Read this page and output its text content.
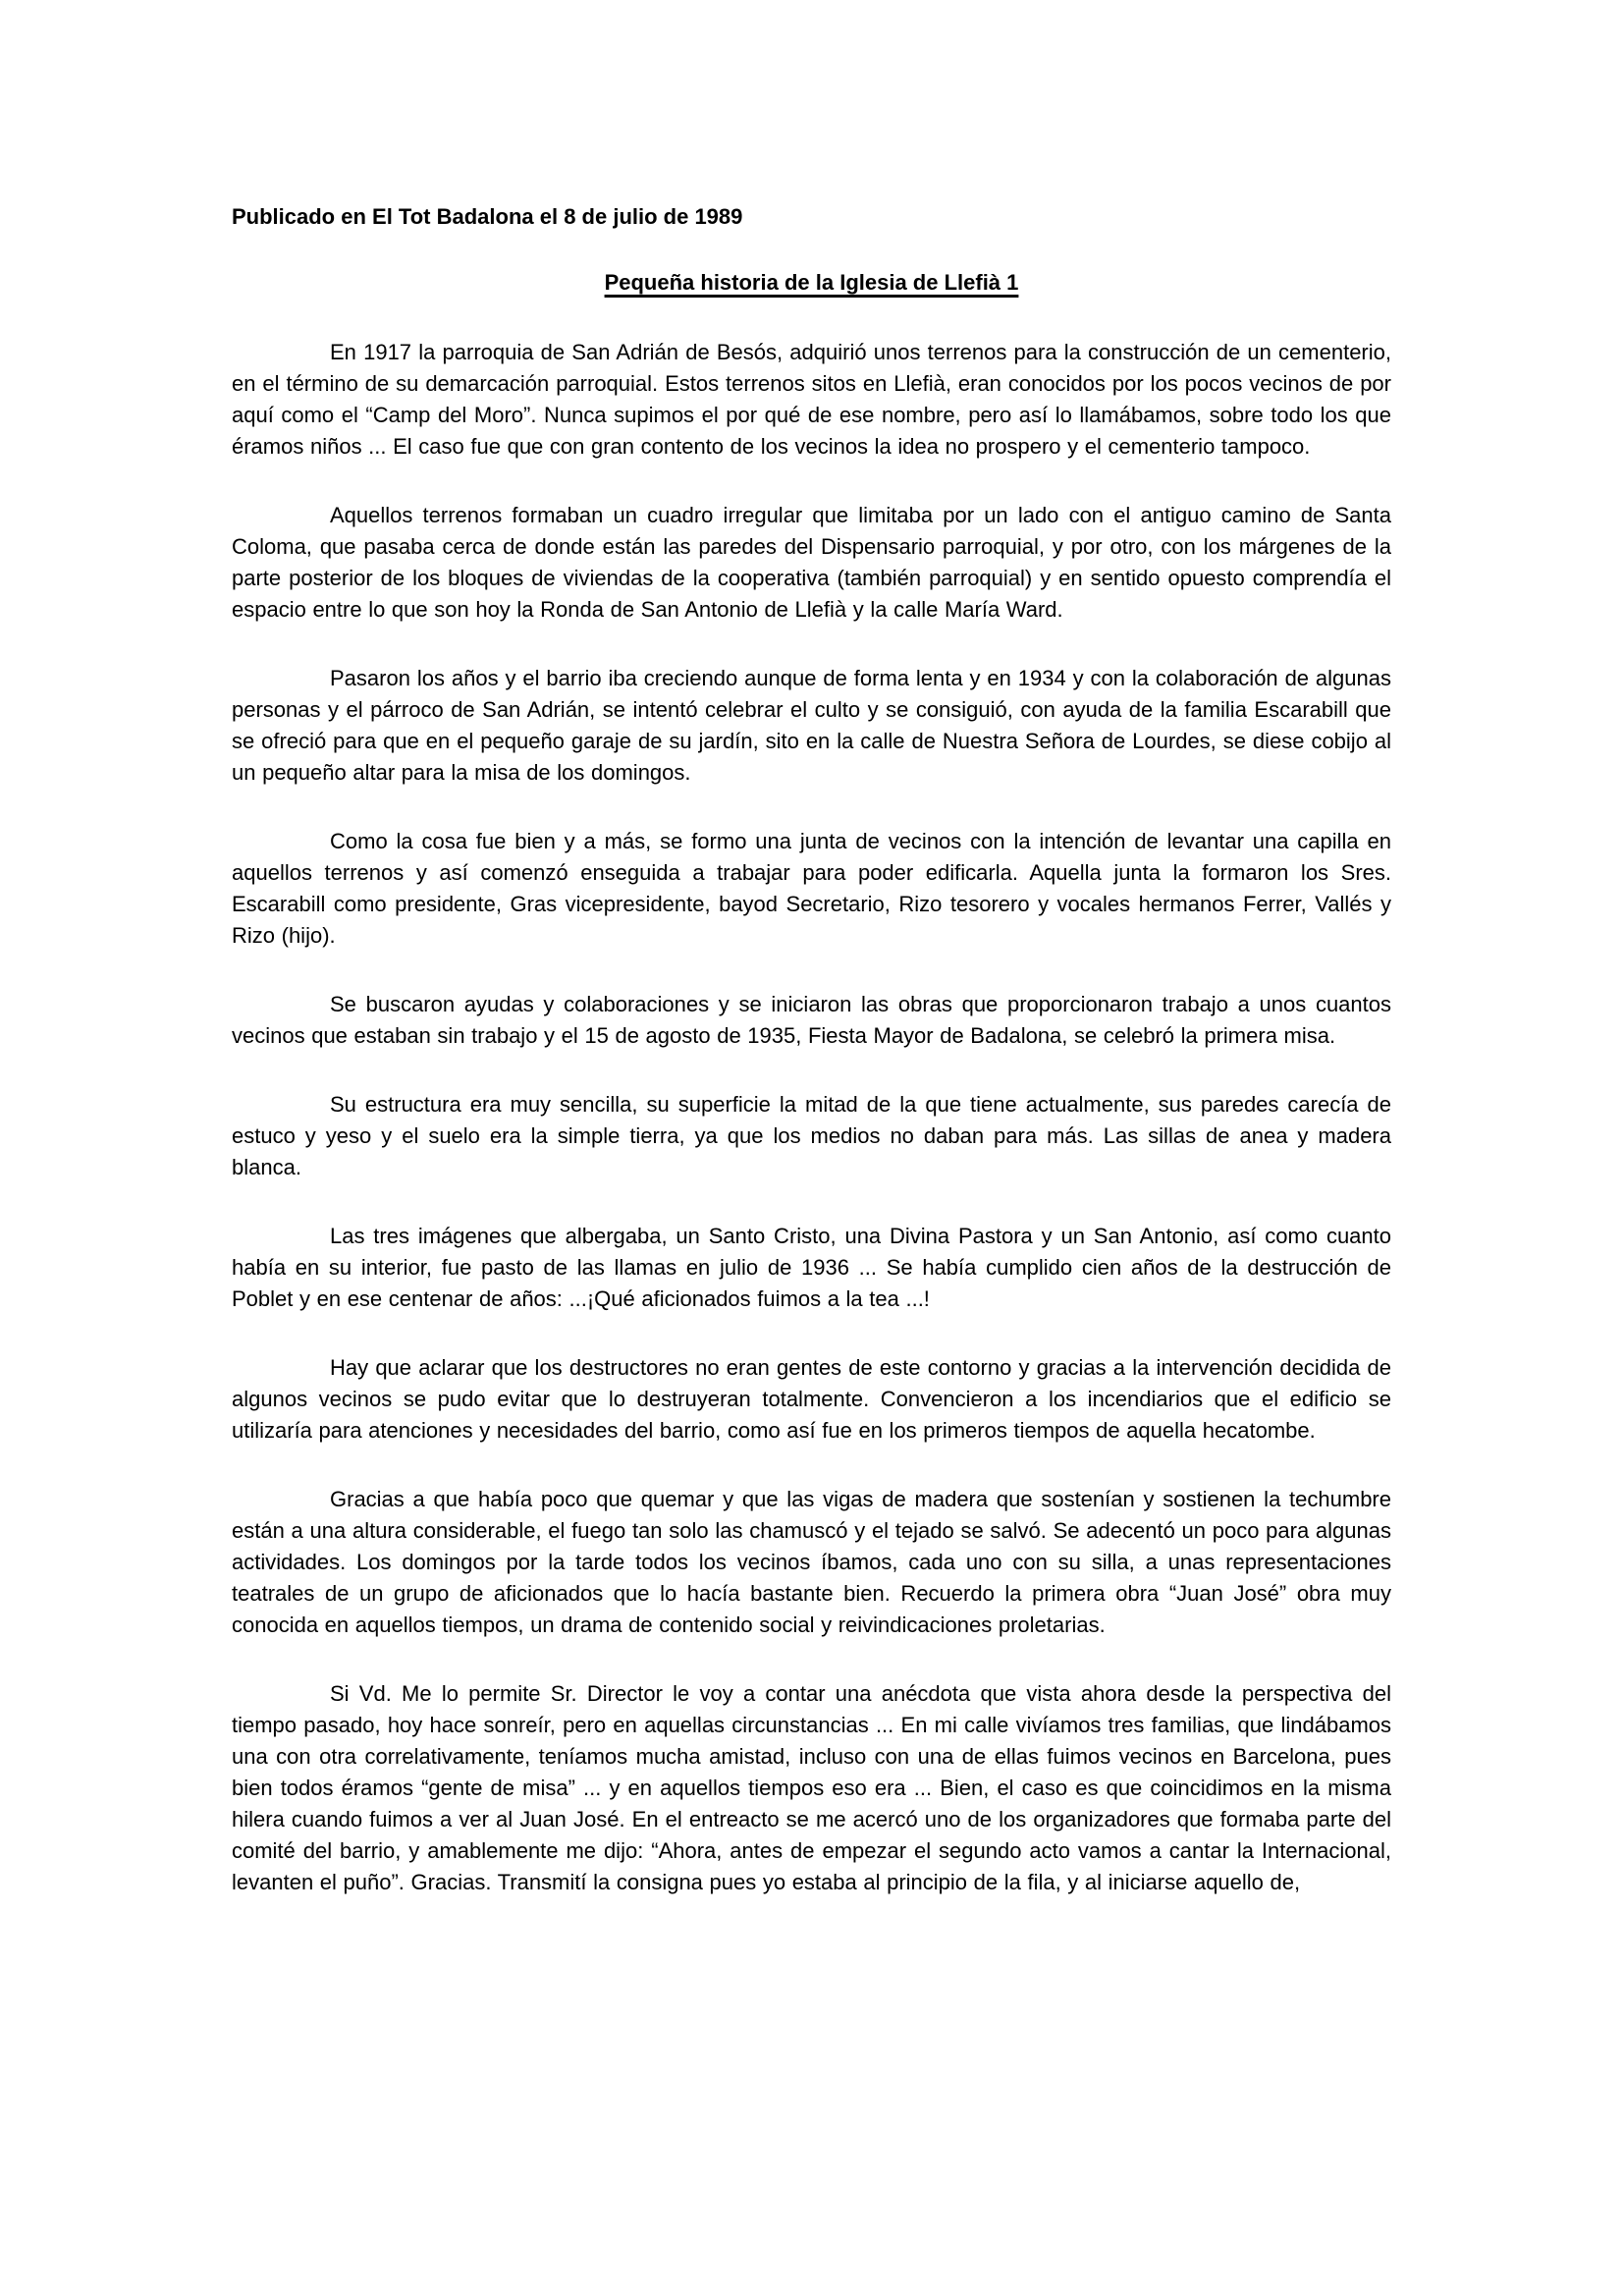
Publicado en El Tot Badalona el 8 de julio de 1989
Pequeña historia de la Iglesia de Llefià 1

En 1917 la parroquia de San Adrián de Besós, adquirió unos terrenos para la construcción de un cementerio, en el término de su demarcación parroquial. Estos terrenos sitos en Llefià, eran conocidos por los pocos vecinos de por aquí como el “Camp del Moro”. Nunca supimos el por qué de ese nombre, pero así lo llamábamos, sobre todo los que éramos niños ... El caso fue que con gran contento de los vecinos la idea no prospero y el cementerio tampoco.

Aquellos terrenos formaban un cuadro irregular que limitaba por un lado con el antiguo camino de Santa Coloma, que pasaba cerca de donde están las paredes del Dispensario parroquial, y por otro, con los márgenes de la parte posterior de los bloques de viviendas de la cooperativa (también parroquial) y en sentido opuesto comprendía el espacio entre lo que son hoy la Ronda de San Antonio de Llefià y la calle María Ward.

Pasaron los años y el barrio iba creciendo aunque de forma lenta y en 1934 y con la colaboración de algunas personas y el párroco de San Adrián, se intentó celebrar el culto y se consiguió, con ayuda de la familia Escarabill que se ofreció para que en el pequeño garaje de su jardín, sito en la calle de Nuestra Señora de Lourdes, se diese cobijo al un pequeño altar para la misa de los domingos.

Como la cosa fue bien y a más, se formo una junta de vecinos con la intención de levantar una capilla en aquellos terrenos y así comenzó enseguida a trabajar para poder edificarla. Aquella junta la formaron los Sres. Escarabill como presidente, Gras vicepresidente, bayod Secretario, Rizo tesorero y vocales hermanos Ferrer, Vallés y Rizo (hijo).

Se buscaron ayudas y colaboraciones y se iniciaron las obras que proporcionaron trabajo a unos cuantos vecinos que estaban sin trabajo y el 15 de agosto de 1935, Fiesta Mayor de Badalona, se celebró la primera misa.

Su estructura era muy sencilla, su superficie la mitad de la que tiene actualmente, sus paredes carecía de estuco y yeso y el suelo era la simple tierra, ya que los medios no daban para más. Las sillas de anea y madera blanca.

Las tres imágenes que albergaba, un Santo Cristo, una Divina Pastora y un San Antonio, así como cuanto había en su interior, fue pasto de las llamas en julio de 1936 ... Se había cumplido cien años de la destrucción de Poblet y en ese centenar de años: ...¡Qué aficionados fuimos a la tea ...!

Hay que aclarar que los destructores no eran gentes de este contorno y gracias a la intervención decidida de algunos vecinos se pudo evitar que lo destruyeran totalmente. Convencieron a los incendiarios que el edificio se utilizaría para atenciones y necesidades del barrio, como así fue en los primeros tiempos de aquella hecatombe.

Gracias a que había poco que quemar y que las vigas de madera que sostenían y sostienen la techumbre están a una altura considerable, el fuego tan solo las chamuscó y el tejado se salvó. Se adecentó un poco para algunas actividades. Los domingos por la tarde todos los vecinos íbamos, cada uno con su silla, a unas representaciones teatrales de un grupo de aficionados que lo hacía bastante bien. Recuerdo la primera obra “Juan José” obra muy conocida en aquellos tiempos, un drama de contenido social y reivindicaciones proletarias.

Si Vd. Me lo permite Sr. Director le voy a contar una anécdota que vista ahora desde la perspectiva del tiempo pasado, hoy hace sonreír, pero en aquellas circunstancias ... En mi calle vivíamos tres familias, que lindábamos una con otra correlativamente, teníamos mucha amistad, incluso con una de ellas fuimos vecinos en Barcelona, pues bien todos éramos “gente de misa” ... y en aquellos tiempos eso era ... Bien, el caso es que coincidimos en la misma hilera cuando fuimos a ver al Juan José. En el entreacto se me acercó uno de los organizadores que formaba parte del comité del barrio, y amablemente me dijo: “Ahora, antes de empezar el segundo acto vamos a cantar la Internacional, levanten el puño”. Gracias. Transmití la consigna pues yo estaba al principio de la fila, y al iniciarse aquello de,
